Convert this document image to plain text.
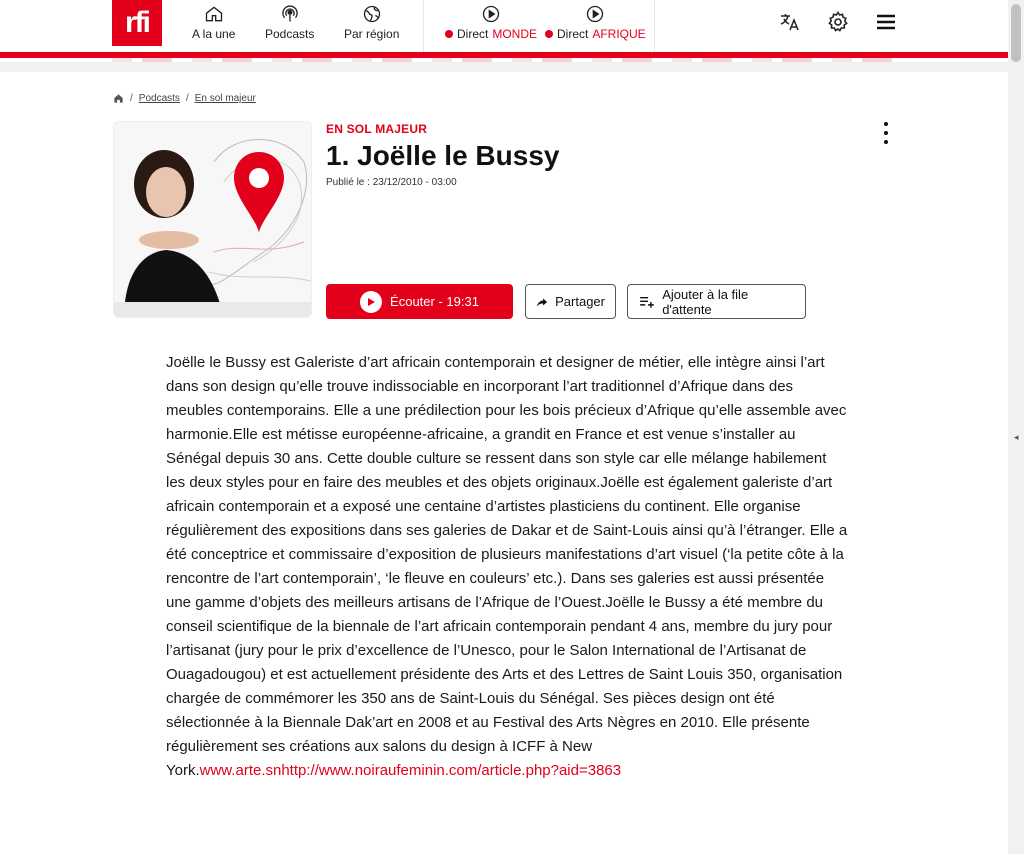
rfi	A la une Podcasts Par région	Direct MONDE Direct AFRIQUE
◂
/ Podcasts / En sol majeur
EN SOL MAJEUR
1. Joëlle le Bussy
Publié le : 23/12/2010 - 03:00
Écouter - 19:31	Partager	Ajouter à la file d'attente
Joëlle le Bussy est Galeriste d’art africain contemporain et designer de métier, elle intègre ainsi l’art dans son design qu’elle trouve indissociable en incorporant l’art traditionnel d’Afrique dans des meubles contemporains. Elle a une prédilection pour les bois précieux d’Afrique qu’elle assemble avec harmonie.Elle est métisse européenne-africaine, a grandit en France et est venue s’installer au Sénégal depuis 30 ans. Cette double culture se ressent dans son style car elle mélange habilement les deux styles pour en faire des meubles et des objets originaux.Joëlle est également galeriste d’art africain contemporain et a exposé une centaine d’artistes plasticiens du continent. Elle organise régulièrement des expositions dans ses galeries de Dakar et de Saint-Louis ainsi qu’à l’étranger. Elle a été conceptrice et commissaire d’exposition de plusieurs manifestations d’art visuel (‘la petite côte à la rencontre de l’art contemporain’, ‘le fleuve en couleurs’ etc.). Dans ses galeries est aussi présentée une gamme d’objets des meilleurs artisans de l’Afrique de l’Ouest.Joëlle le Bussy a été membre du conseil scientifique de la biennale de l’art africain contemporain pendant 4 ans, membre du jury pour l’artisanat (jury pour le prix d’excellence de l’Unesco, pour le Salon International de l’Artisanat de Ouagadougou) et est actuellement présidente des Arts et des Lettres de Saint Louis 350, organisation chargée de commémorer les 350 ans de Saint-Louis du Sénégal. Ses pièces design ont été sélectionnée à la Biennale Dak’art en 2008 et au Festival des Arts Nègres en 2010. Elle présente régulièrement ses créations aux salons du design à ICFF à New York.www.arte.snhttp://www.noiraufeminin.com/article.php?aid=3863
